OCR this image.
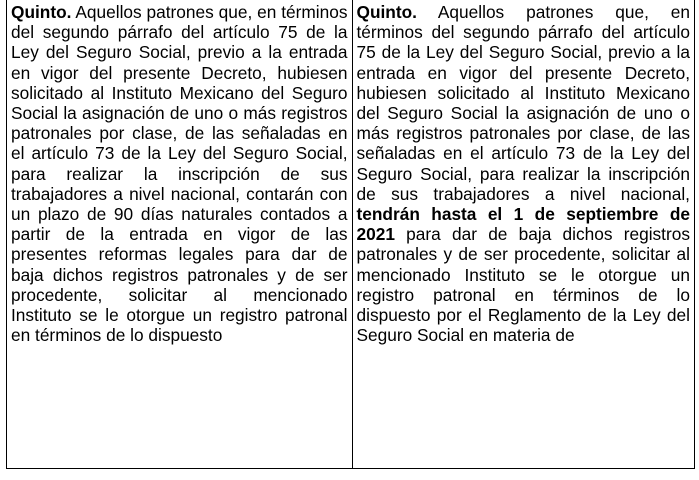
Quinto. Aquellos patrones que, en términos del segundo párrafo del artículo 75 de la Ley del Seguro Social, previo a la entrada en vigor del presente Decreto, hubiesen solicitado al Instituto Mexicano del Seguro Social la asignación de uno o más registros patronales por clase, de las señaladas en el artículo 73 de la Ley del Seguro Social, para realizar la inscripción de sus trabajadores a nivel nacional, contarán con un plazo de 90 días naturales contados a partir de la entrada en vigor de las presentes reformas legales para dar de baja dichos registros patronales y de ser procedente, solicitar al mencionado Instituto se le otorgue un registro patronal en términos de lo dispuesto

Quinto. Aquellos patrones que, en términos del segundo párrafo del artículo 75 de la Ley del Seguro Social, previo a la entrada en vigor del presente Decreto, hubiesen solicitado al Instituto Mexicano del Seguro Social la asignación de uno o más registros patronales por clase, de las señaladas en el artículo 73 de la Ley del Seguro Social, para realizar la inscripción de sus trabajadores a nivel nacional, tendrán hasta el 1 de septiembre de 2021 para dar de baja dichos registros patronales y de ser procedente, solicitar al mencionado Instituto se le otorgue un registro patronal en términos de lo dispuesto por el Reglamento de la Ley del Seguro Social en materia de
